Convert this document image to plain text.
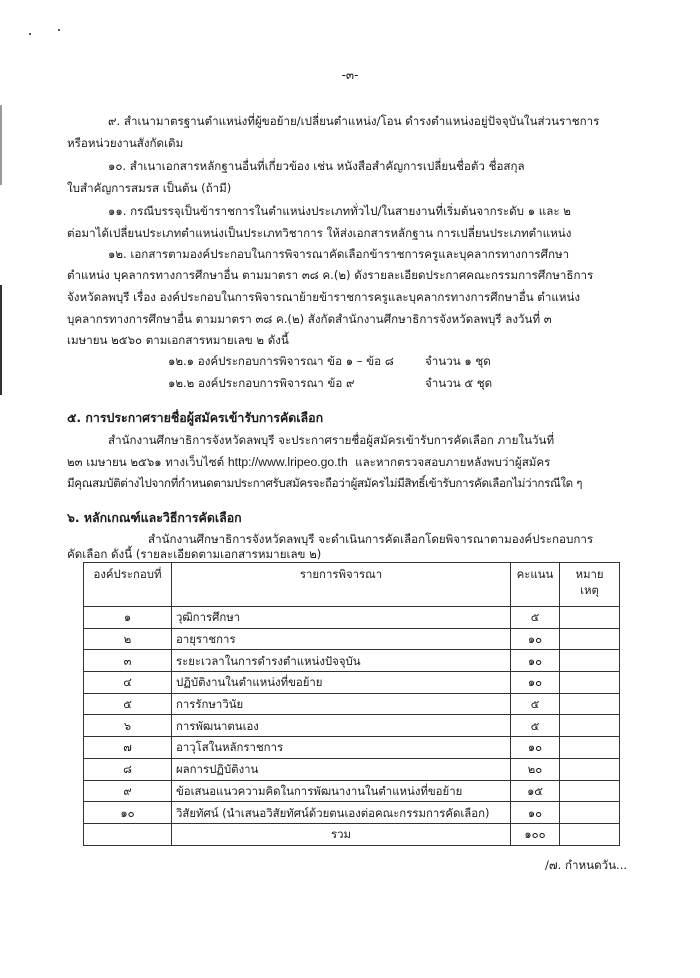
-๓-
๙. สำเนามาตรฐานตำแหน่งที่ผู้ขอย้าย/เปลี่ยนตำแหน่ง/โอน ดำรงตำแหน่งอยู่ปัจจุบันในส่วนราชการ
หรือหน่วยงานสังกัดเดิม
๑๐. สำเนาเอกสารหลักฐานอื่นที่เกี่ยวข้อง เช่น หนังสือสำคัญการเปลี่ยนชื่อตัว ชื่อสกุล
ใบสำคัญการสมรส เป็นต้น (ถ้ามี)
๑๑. กรณีบรรจุเป็นข้าราชการในตำแหน่งประเภททั่วไป/ในสายงานที่เริ่มต้นจากระดับ ๑ และ ๒
ต่อมาได้เปลี่ยนประเภทตำแหน่งเป็นประเภทวิชาการ ให้ส่งเอกสารหลักฐาน การเปลี่ยนประเภทตำแหน่ง
๑๒. เอกสารตามองค์ประกอบในการพิจารณาคัดเลือกข้าราชการครูและบุคลากรทางการศึกษา
ตำแหน่ง บุคลากรทางการศึกษาอื่น ตามมาตรา ๓๘ ค.(๒) ดังรายละเอียดประกาศคณะกรรมการศึกษาธิการ
จังหวัดลพบุรี เรื่อง องค์ประกอบในการพิจารณาย้ายข้าราชการครูและบุคลากรทางการศึกษาอื่น ตำแหน่ง
บุคลากรทางการศึกษาอื่น ตามมาตรา ๓๘ ค.(๒) สังกัดสำนักงานศึกษาธิการจังหวัดลพบุรี ลงวันที่ ๓
เมษายน ๒๕๖๐ ตามเอกสารหมายเลข ๒ ดังนี้
๑๒.๑ องค์ประกอบการพิจารณา ข้อ ๑ – ข้อ ๘	จำนวน ๑ ชุด
๑๒.๒ องค์ประกอบการพิจารณา ข้อ ๙	จำนวน ๕ ชุด
๕. การประกาศรายชื่อผู้สมัครเข้ารับการคัดเลือก
สำนักงานศึกษาธิการจังหวัดลพบุรี จะประกาศรายชื่อผู้สมัครเข้ารับการคัดเลือก ภายในวันที่
๒๓ เมษายน ๒๕๖๑ ทางเว็บไซต์ http://www.lripeo.go.th และหากตรวจสอบภายหลังพบว่าผู้สมัคร
มีคุณสมบัติต่างไปจากที่กำหนดตามประกาศรับสมัครจะถือว่าผู้สมัครไม่มีสิทธิ์เข้ารับการคัดเลือกไม่ว่ากรณีใด ๆ
๖. หลักเกณฑ์และวิธีการคัดเลือก
สำนักงานศึกษาธิการจังหวัดลพบุรี จะดำเนินการคัดเลือกโดยพิจารณาตามองค์ประกอบการ
คัดเลือก ดังนี้ (รายละเอียดตามเอกสารหมายเลข ๒)
องค์ประกอบที่	รายการพิจารณา	คะแนน	หมาย
เหตุ

๑	วุฒิการศึกษา	๕	
๒	อายุราชการ	๑๐	
๓	ระยะเวลาในการดำรงตำแหน่งปัจจุบัน	๑๐	
๔	ปฏิบัติงานในตำแหน่งที่ขอย้าย	๑๐	
๕	การรักษาวินัย	๕	
๖	การพัฒนาตนเอง	๕	
๗	อาวุโสในหลักราชการ	๑๐	
๘	ผลการปฏิบัติงาน	๒๐	
๙	ข้อเสนอแนวความคิดในการพัฒนางานในตำแหน่งที่ขอย้าย	๑๕	
๑๐	วิสัยทัศน์ (นำเสนอวิสัยทัศน์ด้วยตนเองต่อคณะกรรมการคัดเลือก)	๑๐	
	รวม	๑๐๐	
/๗. กำหนดวัน...
